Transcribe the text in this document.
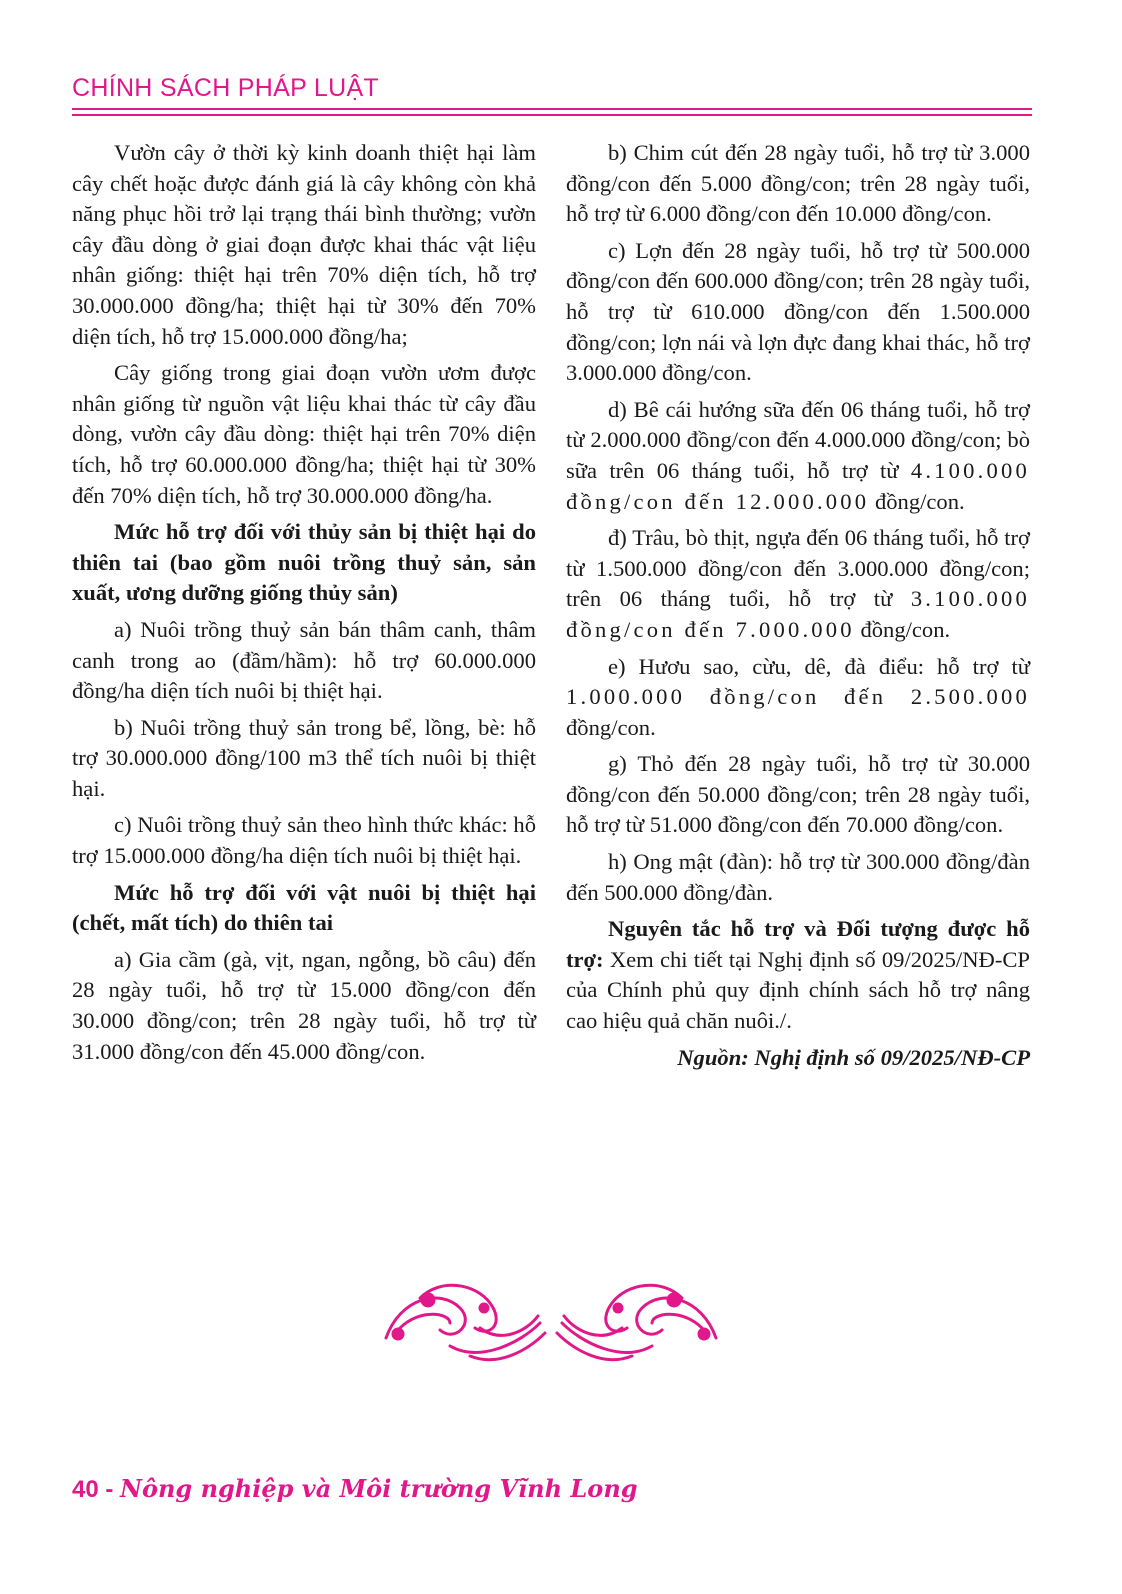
CHÍNH SÁCH PHÁP LUẬT

Vườn cây ở thời kỳ kinh doanh thiệt hại làm cây chết hoặc được đánh giá là cây không còn khả năng phục hồi trở lại trạng thái bình thường; vườn cây đầu dòng ở giai đoạn được khai thác vật liệu nhân giống: thiệt hại trên 70% diện tích, hỗ trợ 30.000.000 đồng/ha; thiệt hại từ 30% đến 70% diện tích, hỗ trợ 15.000.000 đồng/ha;

Cây giống trong giai đoạn vườn ươm được nhân giống từ nguồn vật liệu khai thác từ cây đầu dòng, vườn cây đầu dòng: thiệt hại trên 70% diện tích, hỗ trợ 60.000.000 đồng/ha; thiệt hại từ 30% đến 70% diện tích, hỗ trợ 30.000.000 đồng/ha.

Mức hỗ trợ đối với thủy sản bị thiệt hại do thiên tai (bao gồm nuôi trồng thuỷ sản, sản xuất, ương dưỡng giống thủy sản)

a) Nuôi trồng thuỷ sản bán thâm canh, thâm canh trong ao (đầm/hầm): hỗ trợ 60.000.000 đồng/ha diện tích nuôi bị thiệt hại.

b) Nuôi trồng thuỷ sản trong bể, lồng, bè: hỗ trợ 30.000.000 đồng/100 m3 thể tích nuôi bị thiệt hại.

c) Nuôi trồng thuỷ sản theo hình thức khác: hỗ trợ 15.000.000 đồng/ha diện tích nuôi bị thiệt hại.

Mức hỗ trợ đối với vật nuôi bị thiệt hại (chết, mất tích) do thiên tai

a) Gia cầm (gà, vịt, ngan, ngỗng, bồ câu) đến 28 ngày tuổi, hỗ trợ từ 15.000 đồng/con đến 30.000 đồng/con; trên 28 ngày tuổi, hỗ trợ từ 31.000 đồng/con đến 45.000 đồng/con.

b) Chim cút đến 28 ngày tuổi, hỗ trợ từ 3.000 đồng/con đến 5.000 đồng/con; trên 28 ngày tuổi, hỗ trợ từ 6.000 đồng/con đến 10.000 đồng/con.

c) Lợn đến 28 ngày tuổi, hỗ trợ từ 500.000 đồng/con đến 600.000 đồng/con; trên 28 ngày tuổi, hỗ trợ từ 610.000 đồng/con đến 1.500.000 đồng/con; lợn nái và lợn đực đang khai thác, hỗ trợ 3.000.000 đồng/con.

d) Bê cái hướng sữa đến 06 tháng tuổi, hỗ trợ từ 2.000.000 đồng/con đến 4.000.000 đồng/con; bò sữa trên 06 tháng tuổi, hỗ trợ từ 4.100.000 đồng/con đến 12.000.000 đồng/con.

đ) Trâu, bò thịt, ngựa đến 06 tháng tuổi, hỗ trợ từ 1.500.000 đồng/con đến 3.000.000 đồng/con; trên 06 tháng tuổi, hỗ trợ từ 3.100.000 đồng/con đến 7.000.000 đồng/con.

e) Hươu sao, cừu, dê, đà điểu: hỗ trợ từ 1.000.000 đồng/con đến 2.500.000 đồng/con.

g) Thỏ đến 28 ngày tuổi, hỗ trợ từ 30.000 đồng/con đến 50.000 đồng/con; trên 28 ngày tuổi, hỗ trợ từ 51.000 đồng/con đến 70.000 đồng/con.

h) Ong mật (đàn): hỗ trợ từ 300.000 đồng/đàn đến 500.000 đồng/đàn.

Nguyên tắc hỗ trợ và Đối tượng được hỗ trợ: Xem chi tiết tại Nghị định số 09/2025/NĐ-CP của Chính phủ quy định chính sách hỗ trợ nâng cao hiệu quả chăn nuôi./.

Nguồn: Nghị định số 09/2025/NĐ-CP

40 - Nông nghiệp và Môi trường Vĩnh Long
